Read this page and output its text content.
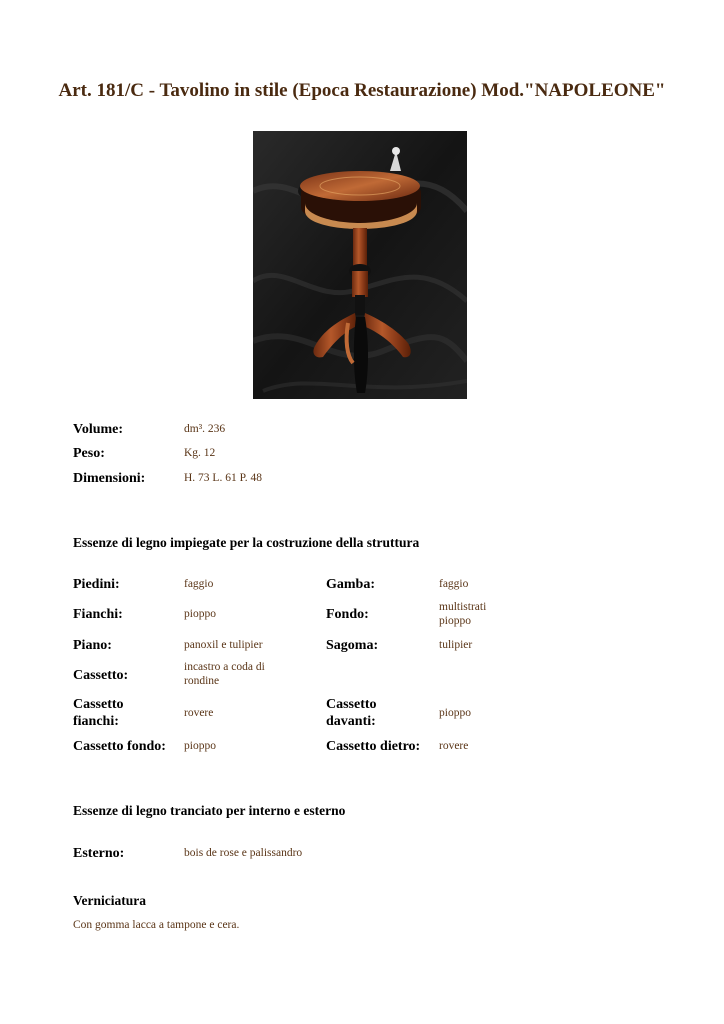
Art. 181/C - Tavolino in stile (Epoca Restaurazione) Mod."NAPOLEONE"
Volume:	dm³. 236
Peso:	Kg. 12
Dimensioni:	H. 73 L. 61 P. 48
Essenze di legno impiegate per la costruzione della struttura
Piedini:	faggio	Gamba:	faggio
Fianchi:	pioppo	Fondo:	multistrati pioppo
Piano:	panoxil e tulipier	Sagoma:	tulipier
Cassetto:
incastro a coda di rondine
Cassetto fianchi:
rovere
Cassetto davanti:
pioppo
Cassetto fondo: pioppo	Cassetto dietro: rovere
Essenze di legno tranciato per interno e esterno
Esterno:	bois de rose e palissandro
Verniciatura
Con gomma lacca a tampone e cera.
